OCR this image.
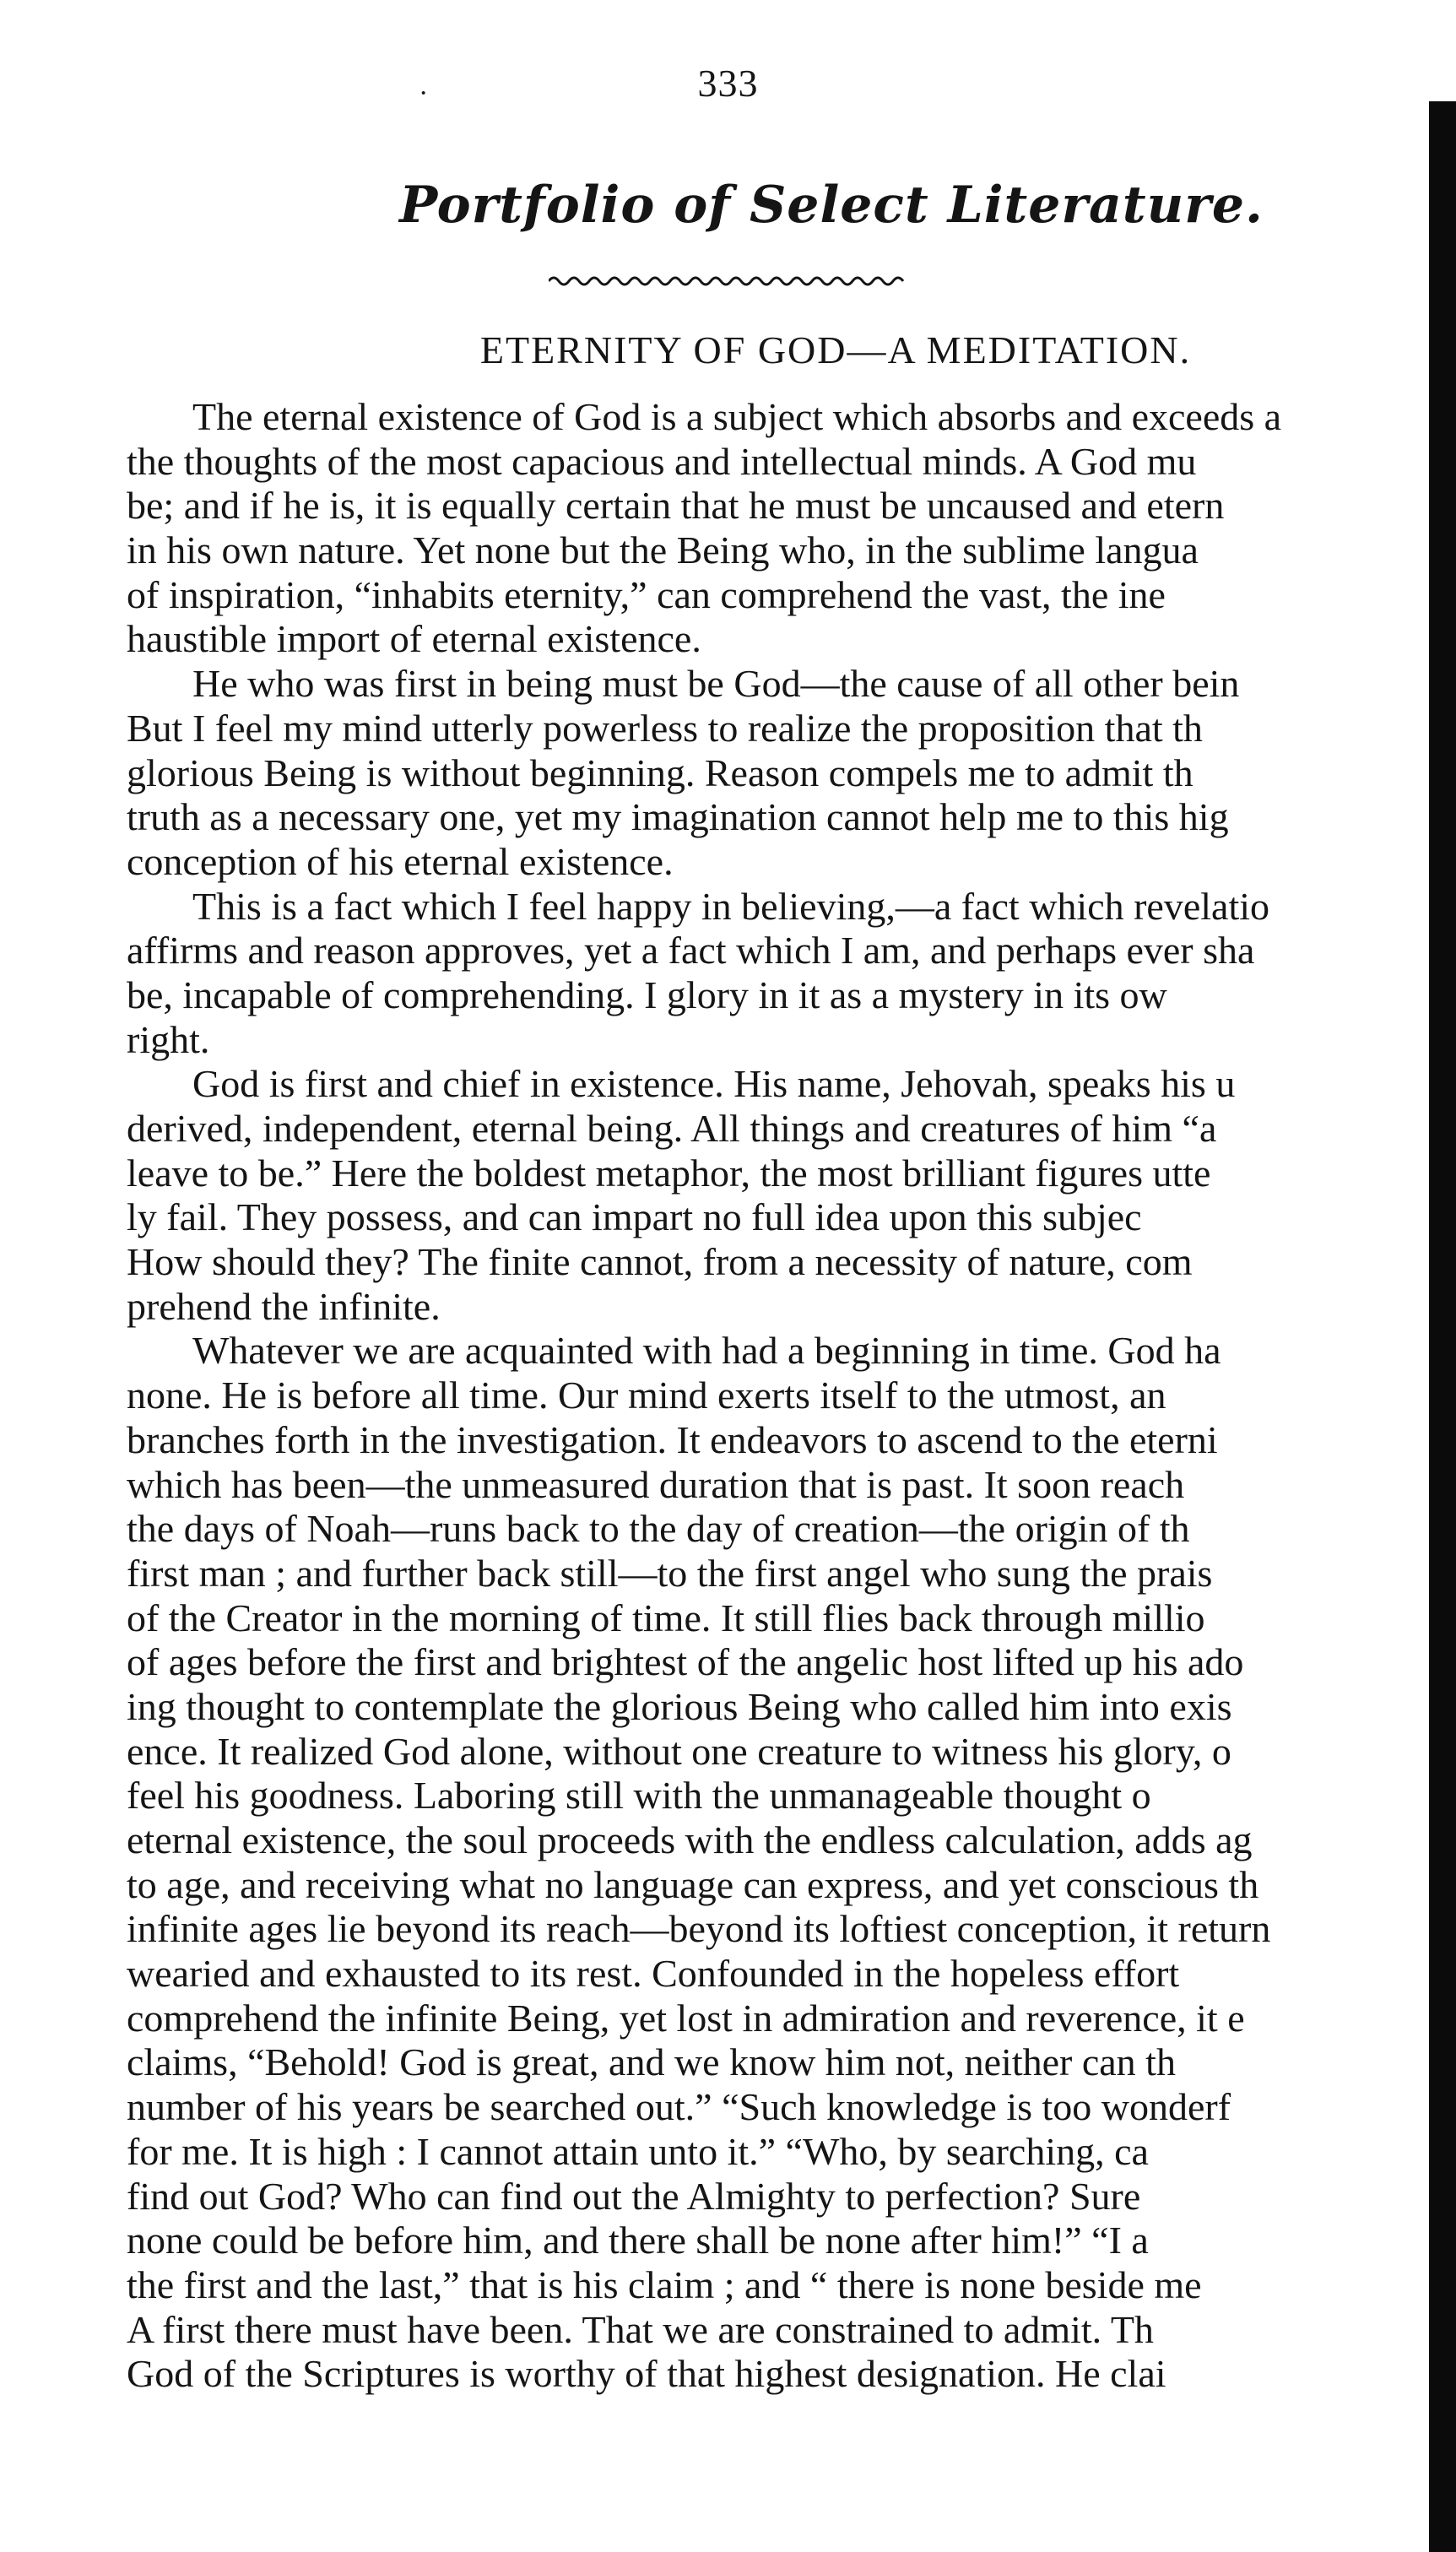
·	333
Portfolio of Select Literature.
ETERNITY OF GOD—A MEDITATION.
The eternal existence of God is a subject which absorbs and exceeds a
the thoughts of the most capacious and intellectual minds. A God mu
be; and if he is, it is equally certain that he must be uncaused and etern
in his own nature. Yet none but the Being who, in the sublime langua
of inspiration, “inhabits eternity,” can comprehend the vast, the ine
haustible import of eternal existence.
He who was first in being must be God—the cause of all other bein
But I feel my mind utterly powerless to realize the proposition that th
glorious Being is without beginning. Reason compels me to admit th
truth as a necessary one, yet my imagination cannot help me to this hig
conception of his eternal existence.
This is a fact which I feel happy in believing,—a fact which revelatio
affirms and reason approves, yet a fact which I am, and perhaps ever sha
be, incapable of comprehending. I glory in it as a mystery in its ow
right.
God is first and chief in existence. His name, Jehovah, speaks his u
derived, independent, eternal being. All things and creatures of him “a
leave to be.” Here the boldest metaphor, the most brilliant figures utte
ly fail. They possess, and can impart no full idea upon this subjec
How should they? The finite cannot, from a necessity of nature, com
prehend the infinite.
Whatever we are acquainted with had a beginning in time. God ha
none. He is before all time. Our mind exerts itself to the utmost, an
branches forth in the investigation. It endeavors to ascend to the eterni
which has been—the unmeasured duration that is past. It soon reach
the days of Noah—runs back to the day of creation—the origin of th
first man ; and further back still—to the first angel who sung the prais
of the Creator in the morning of time. It still flies back through millio
of ages before the first and brightest of the angelic host lifted up his ado
ing thought to contemplate the glorious Being who called him into exis
ence. It realized God alone, without one creature to witness his glory, o
feel his goodness. Laboring still with the unmanageable thought o
eternal existence, the soul proceeds with the endless calculation, adds ag
to age, and receiving what no language can express, and yet conscious th
infinite ages lie beyond its reach—beyond its loftiest conception, it return
wearied and exhausted to its rest. Confounded in the hopeless effort
comprehend the infinite Being, yet lost in admiration and reverence, it e
claims, “Behold! God is great, and we know him not, neither can th
number of his years be searched out.” “Such knowledge is too wonderf
for me. It is high : I cannot attain unto it.” “Who, by searching, ca
find out God? Who can find out the Almighty to perfection? Sure
none could be before him, and there shall be none after him!” “I a
the first and the last,” that is his claim ; and “ there is none beside me
A first there must have been. That we are constrained to admit. Th
God of the Scriptures is worthy of that highest designation. He clai
